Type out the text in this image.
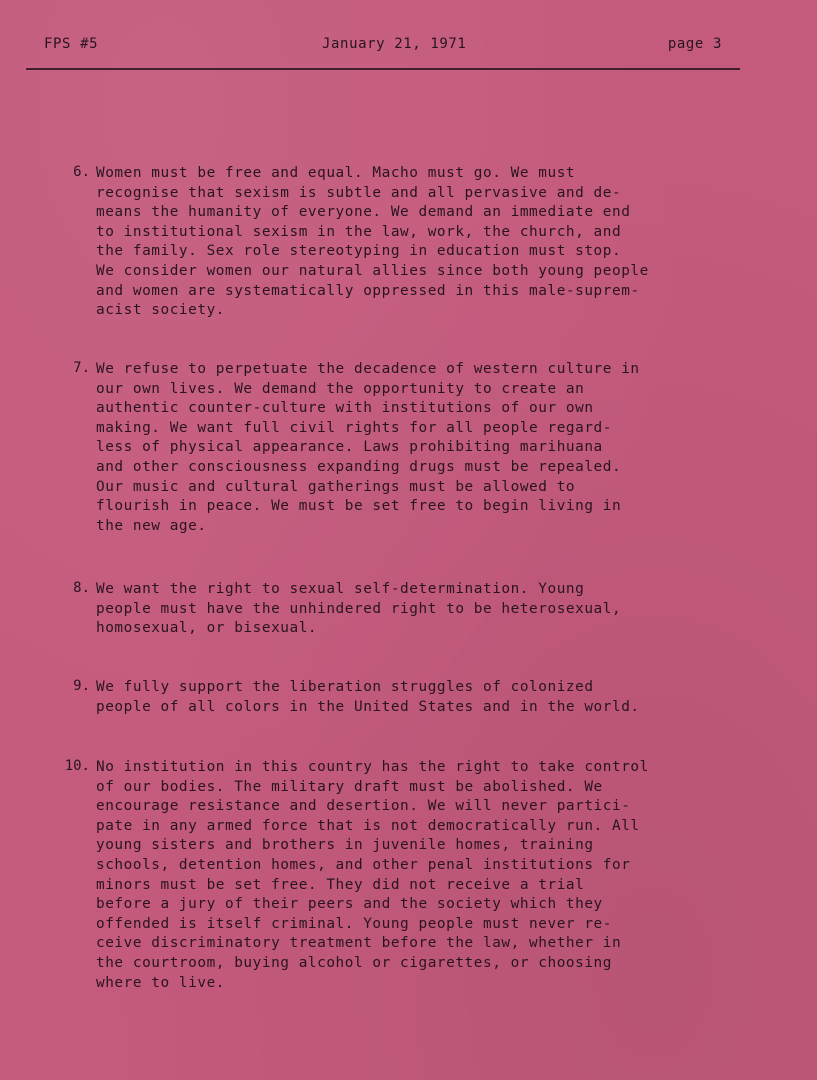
FPS #5	January 21, 1971	page 3
6. Women must be free and equal. Macho must go. We must
recognise that sexism is subtle and all pervasive and de-
means the humanity of everyone. We demand an immediate end
to institutional sexism in the law, work, the church, and
the family. Sex role stereotyping in education must stop.
We consider women our natural allies since both young people
and women are systematically oppressed in this male-suprem-
acist society.
7. We refuse to perpetuate the decadence of western culture in
our own lives. We demand the opportunity to create an
authentic counter-culture with institutions of our own
making. We want full civil rights for all people regard-
less of physical appearance. Laws prohibiting marihuana
and other consciousness expanding drugs must be repealed.
Our music and cultural gatherings must be allowed to
flourish in peace. We must be set free to begin living in
the new age.
8. We want the right to sexual self-determination. Young
people must have the unhindered right to be heterosexual,
homosexual, or bisexual.
9. We fully support the liberation struggles of colonized
people of all colors in the United States and in the world.
10. No institution in this country has the right to take control
of our bodies. The military draft must be abolished. We
encourage resistance and desertion. We will never partici-
pate in any armed force that is not democratically run. All
young sisters and brothers in juvenile homes, training
schools, detention homes, and other penal institutions for
minors must be set free. They did not receive a trial
before a jury of their peers and the society which they
offended is itself criminal. Young people must never re-
ceive discriminatory treatment before the law, whether in
the courtroom, buying alcohol or cigarettes, or choosing
where to live.
